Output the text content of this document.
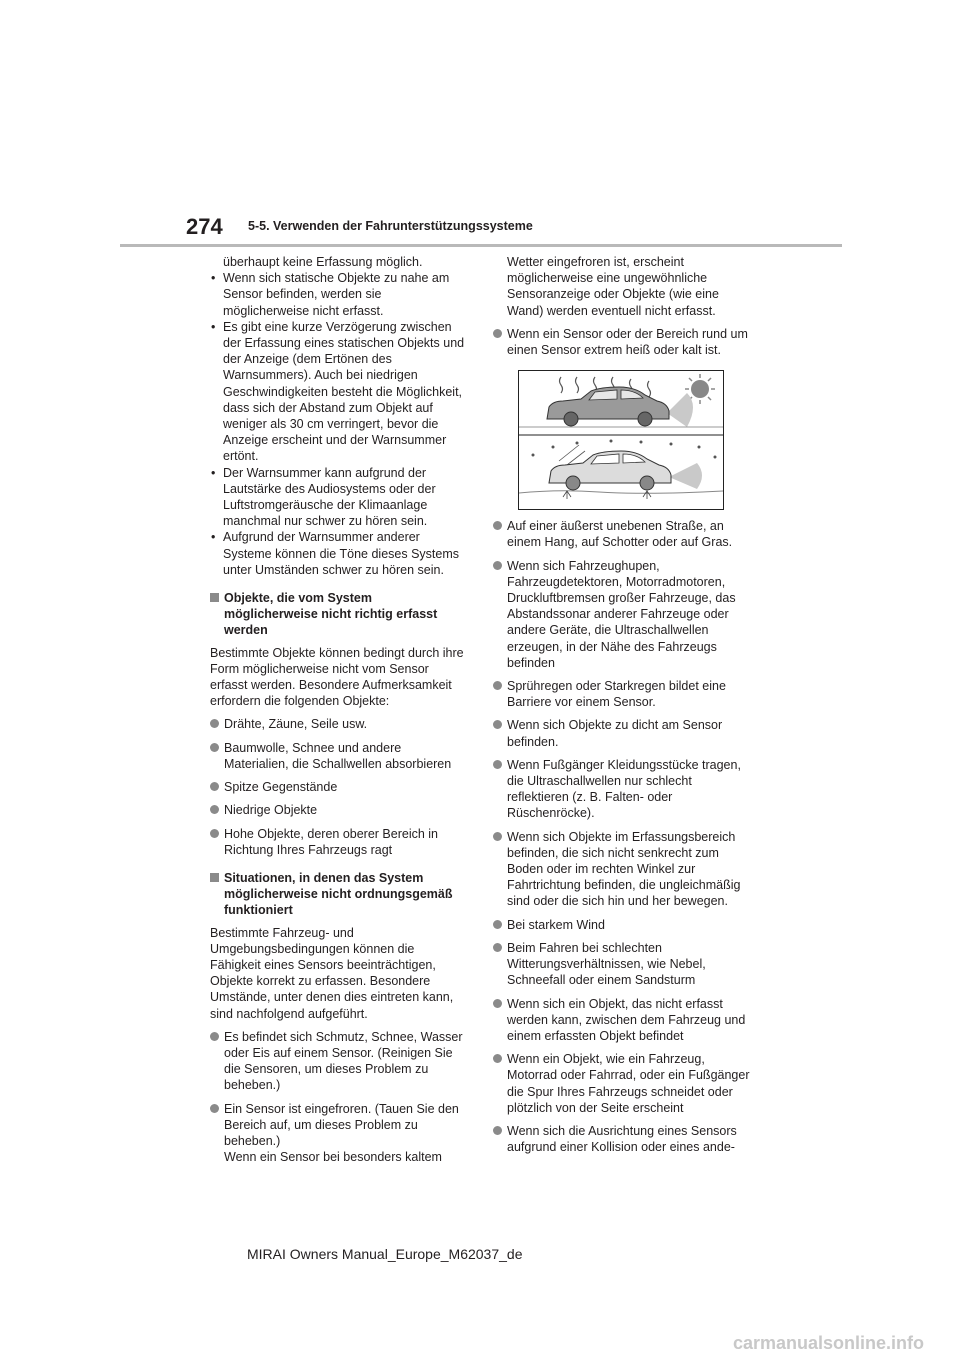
274 5-5. Verwenden der Fahrunterstützungssysteme
überhaupt keine Erfassung möglich.
• Wenn sich statische Objekte zu nahe am Sensor befinden, werden sie möglicherweise nicht erfasst.
• Es gibt eine kurze Verzögerung zwischen der Erfassung eines statischen Objekts und der Anzeige (dem Ertönen des Warnsummers). Auch bei niedrigen Geschwindigkeiten besteht die Möglichkeit, dass sich der Abstand zum Objekt auf weniger als 30 cm verringert, bevor die Anzeige erscheint und der Warnsummer ertönt.
• Der Warnsummer kann aufgrund der Lautstärke des Audiosystems oder der Luftstromgeräusche der Klimaanlage manchmal nur schwer zu hören sein.
• Aufgrund der Warnsummer anderer Systeme können die Töne dieses Systems unter Umständen schwer zu hören sein.
Objekte, die vom System möglicherweise nicht richtig erfasst werden
Bestimmte Objekte können bedingt durch ihre Form möglicherweise nicht vom Sensor erfasst werden. Besondere Aufmerksamkeit erfordern die folgenden Objekte:
Drähte, Zäune, Seile usw.
Baumwolle, Schnee und andere Materialien, die Schallwellen absorbieren
Spitze Gegenstände
Niedrige Objekte
Hohe Objekte, deren oberer Bereich in Richtung Ihres Fahrzeugs ragt
Situationen, in denen das System möglicherweise nicht ordnungsgemäß funktioniert
Bestimmte Fahrzeug- und Umgebungsbedingungen können die Fähigkeit eines Sensors beeinträchtigen, Objekte korrekt zu erfassen. Besondere Umstände, unter denen dies eintreten kann, sind nachfolgend aufgeführt.
Es befindet sich Schmutz, Schnee, Wasser oder Eis auf einem Sensor. (Reinigen Sie die Sensoren, um dieses Problem zu beheben.)
Ein Sensor ist eingefroren. (Tauen Sie den Bereich auf, um dieses Problem zu beheben.)
Wenn ein Sensor bei besonders kaltem
Wetter eingefroren ist, erscheint möglicherweise eine ungewöhnliche Sensoranzeige oder Objekte (wie eine Wand) werden eventuell nicht erfasst.
Wenn ein Sensor oder der Bereich rund um einen Sensor extrem heiß oder kalt ist.
Auf einer äußerst unebenen Straße, an einem Hang, auf Schotter oder auf Gras.
Wenn sich Fahrzeughupen, Fahrzeugdetektoren, Motorradmotoren, Druckluftbremsen großer Fahrzeuge, das Abstandssonar anderer Fahrzeuge oder andere Geräte, die Ultraschallwellen erzeugen, in der Nähe des Fahrzeugs befinden
Sprühregen oder Starkregen bildet eine Barriere vor einem Sensor.
Wenn sich Objekte zu dicht am Sensor befinden.
Wenn Fußgänger Kleidungsstücke tragen, die Ultraschallwellen nur schlecht reflektieren (z. B. Falten- oder Rüschenröcke).
Wenn sich Objekte im Erfassungsbereich befinden, die sich nicht senkrecht zum Boden oder im rechten Winkel zur Fahrtrichtung befinden, die ungleichmäßig sind oder die sich hin und her bewegen.
Bei starkem Wind
Beim Fahren bei schlechten Witterungsverhältnissen, wie Nebel, Schneefall oder einem Sandsturm
Wenn sich ein Objekt, das nicht erfasst werden kann, zwischen dem Fahrzeug und einem erfassten Objekt befindet
Wenn ein Objekt, wie ein Fahrzeug, Motorrad oder Fahrrad, oder ein Fußgänger die Spur Ihres Fahrzeugs schneidet oder plötzlich von der Seite erscheint
Wenn sich die Ausrichtung eines Sensors aufgrund einer Kollision oder eines ande-
MIRAI Owners Manual_Europe_M62037_de
carmanualsonline.info
